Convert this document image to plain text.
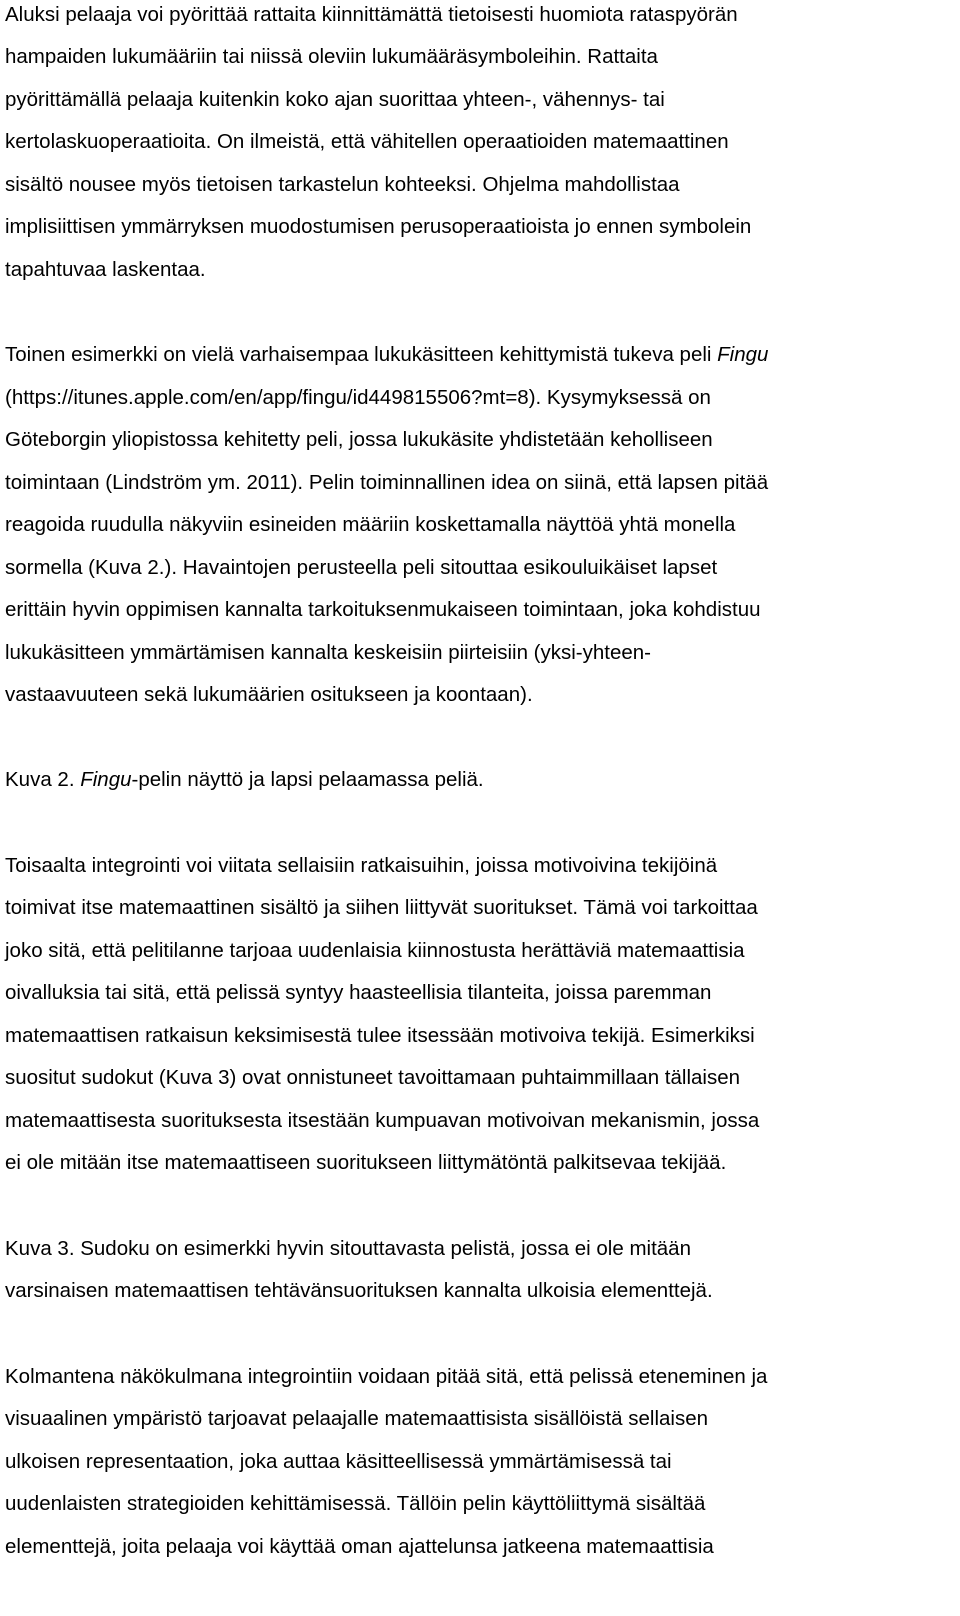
Aluksi pelaaja voi pyörittää rattaita kiinnittämättä tietoisesti huomiota rataspyörän
hampaiden lukumääriin tai niissä oleviin lukumääräsymboleihin. Rattaita
pyörittämällä pelaaja kuitenkin koko ajan suorittaa yhteen-, vähennys- tai
kertolaskuoperaatioita. On ilmeistä, että vähitellen operaatioiden matemaattinen
sisältö nousee myös tietoisen tarkastelun kohteeksi. Ohjelma mahdollistaa
implisiittisen ymmärryksen muodostumisen perusoperaatioista jo ennen symbolein
tapahtuvaa laskentaa.
Toinen esimerkki on vielä varhaisempaa lukukäsitteen kehittymistä tukeva peli Fingu
(https://itunes.apple.com/en/app/fingu/id449815506?mt=8). Kysymyksessä on
Göteborgin yliopistossa kehitetty peli, jossa lukukäsite yhdistetään keholliseen
toimintaan (Lindström ym. 2011). Pelin toiminnallinen idea on siinä, että lapsen pitää
reagoida ruudulla näkyviin esineiden määriin koskettamalla näyttöä yhtä monella
sormella (Kuva 2.). Havaintojen perusteella peli sitouttaa esikouluikäiset lapset
erittäin hyvin oppimisen kannalta tarkoituksenmukaiseen toimintaan, joka kohdistuu
lukukäsitteen ymmärtämisen kannalta keskeisiin piirteisiin (yksi-yhteen-
vastaavuuteen sekä lukumäärien ositukseen ja koontaan).
Kuva 2. Fingu-pelin näyttö ja lapsi pelaamassa peliä.
Toisaalta integrointi voi viitata sellaisiin ratkaisuihin, joissa motivoivina tekijöinä
toimivat itse matemaattinen sisältö ja siihen liittyvät suoritukset. Tämä voi tarkoittaa
joko sitä, että pelitilanne tarjoaa uudenlaisia kiinnostusta herättäviä matemaattisia
oivalluksia tai sitä, että pelissä syntyy haasteellisia tilanteita, joissa paremman
matemaattisen ratkaisun keksimisestä tulee itsessään motivoiva tekijä. Esimerkiksi
suositut sudokut (Kuva 3) ovat onnistuneet tavoittamaan puhtaimmillaan tällaisen
matemaattisesta suorituksesta itsestään kumpuavan motivoivan mekanismin, jossa
ei ole mitään itse matemaattiseen suoritukseen liittymätöntä palkitsevaa tekijää.
Kuva 3. Sudoku on esimerkki hyvin sitouttavasta pelistä, jossa ei ole mitään
varsinaisen matemaattisen tehtävänsuorituksen kannalta ulkoisia elementtejä.
Kolmantena näkökulmana integrointiin voidaan pitää sitä, että pelissä eteneminen ja
visuaalinen ympäristö tarjoavat pelaajalle matemaattisista sisällöistä sellaisen
ulkoisen representaation, joka auttaa käsitteellisessä ymmärtämisessä tai
uudenlaisten strategioiden kehittämisessä. Tällöin pelin käyttöliittymä sisältää
elementtejä, joita pelaaja voi käyttää oman ajattelunsa jatkeena matemaattisia
